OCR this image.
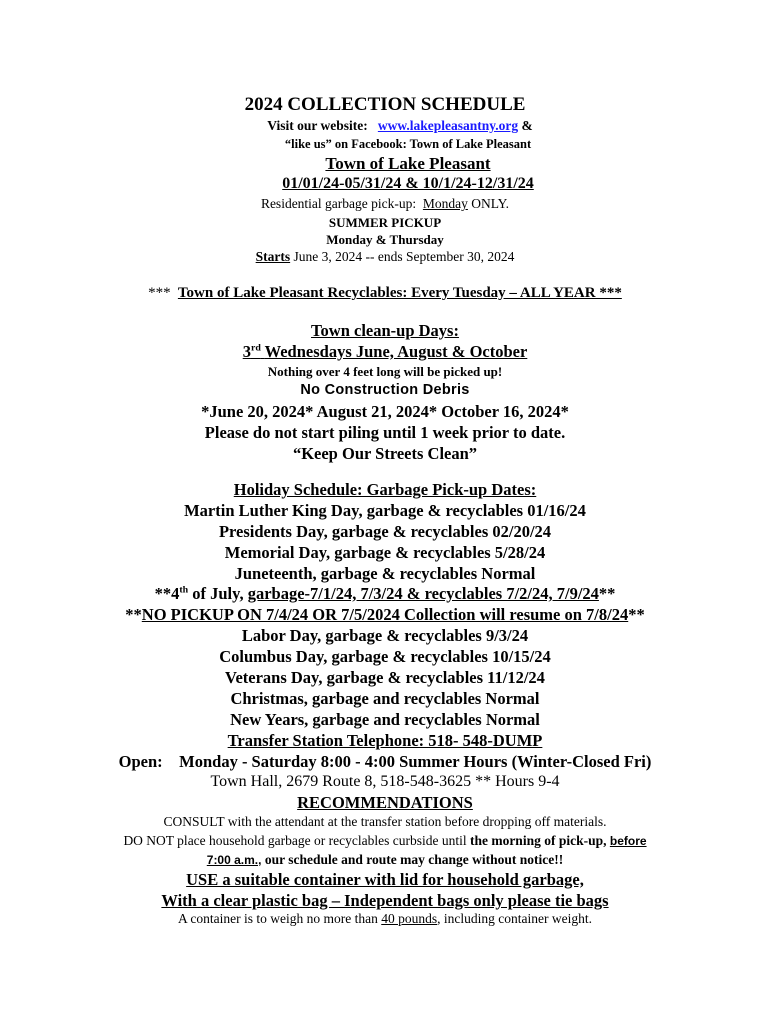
2024 COLLECTION SCHEDULE
Visit our website: www.lakepleasantny.org &
“like us” on Facebook: Town of Lake Pleasant
Town of Lake Pleasant
01/01/24-05/31/24 & 10/1/24-12/31/24
Residential garbage pick-up: Monday ONLY.
SUMMER PICKUP
Monday & Thursday
Starts June 3, 2024 -- ends September 30, 2024
*** Town of Lake Pleasant Recyclables: Every Tuesday – ALL YEAR ***
Town clean-up Days:
3rd Wednesdays June, August & October
Nothing over 4 feet long will be picked up!
No Construction Debris
*June 20, 2024* August 21, 2024* October 16, 2024*
Please do not start piling until 1 week prior to date.
“Keep Our Streets Clean”
Holiday Schedule: Garbage Pick-up Dates:
Martin Luther King Day, garbage & recyclables 01/16/24
Presidents Day, garbage & recyclables 02/20/24
Memorial Day, garbage & recyclables 5/28/24
Juneteenth, garbage & recyclables Normal
**4th of July, garbage-7/1/24, 7/3/24 & recyclables 7/2/24, 7/9/24**
**NO PICKUP ON 7/4/24 OR 7/5/2024 Collection will resume on 7/8/24**
Labor Day, garbage & recyclables 9/3/24
Columbus Day, garbage & recyclables 10/15/24
Veterans Day, garbage & recyclables 11/12/24
Christmas, garbage and recyclables Normal
New Years, garbage and recyclables Normal
Transfer Station Telephone: 518- 548-DUMP
Open: Monday - Saturday 8:00 - 4:00 Summer Hours (Winter-Closed Fri)
Town Hall, 2679 Route 8, 518-548-3625 ** Hours 9-4
RECOMMENDATIONS
CONSULT with the attendant at the transfer station before dropping off materials.
DO NOT place household garbage or recyclables curbside until the morning of pick-up, before
7:00 a.m., our schedule and route may change without notice!!
USE a suitable container with lid for household garbage,
With a clear plastic bag – Independent bags only please tie bags
A container is to weigh no more than 40 pounds, including container weight.
